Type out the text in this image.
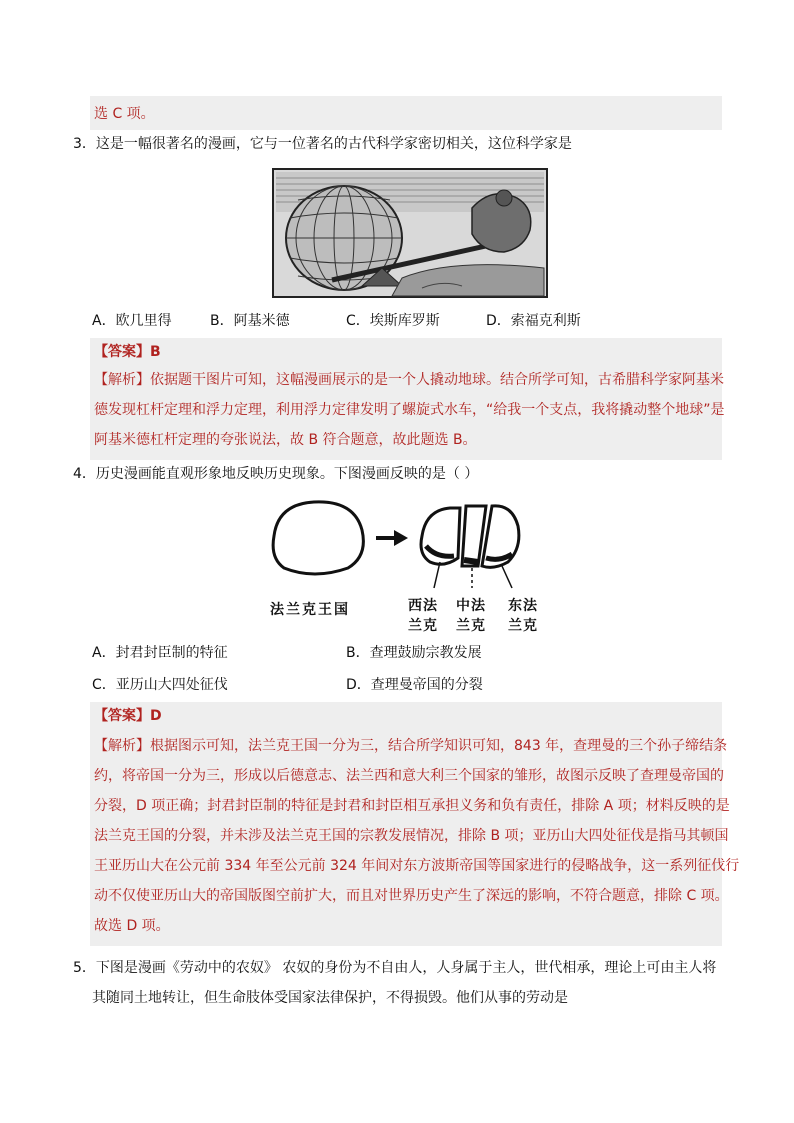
选 C 项。
3．这是一幅很著名的漫画，它与一位著名的古代科学家密切相关，这位科学家是
A．欧几里得	B．阿基米德	C．埃斯库罗斯	D．索福克利斯
【答案】B
【解析】依据题干图片可知，这幅漫画展示的是一个人撬动地球。结合所学可知，古希腊科学家阿基米
德发现杠杆定理和浮力定理，利用浮力定律发明了螺旋式水车，“给我一个支点，我将撬动整个地球”是
阿基米德杠杆定理的夸张说法，故 B 符合题意，故此题选 B。
4．历史漫画能直观形象地反映历史现象。下图漫画反映的是（ ）
法兰克王国	西法
兰克
中法
兰克
东法
兰克
A．封君封臣制的特征	B．查理鼓励宗教发展
C．亚历山大四处征伐	D．查理曼帝国的分裂
【答案】D
【解析】根据图示可知，法兰克王国一分为三，结合所学知识可知，843 年，查理曼的三个孙子缔结条
约，将帝国一分为三，形成以后德意志、法兰西和意大利三个国家的雏形，故图示反映了查理曼帝国的
分裂，D 项正确；封君封臣制的特征是封君和封臣相互承担义务和负有责任，排除 A 项；材料反映的是
法兰克王国的分裂，并未涉及法兰克王国的宗教发展情况，排除 B 项；亚历山大四处征伐是指马其顿国
王亚历山大在公元前 334 年至公元前 324 年间对东方波斯帝国等国家进行的侵略战争，这一系列征伐行
动不仅使亚历山大的帝国版图空前扩大，而且对世界历史产生了深远的影响，不符合题意，排除 C 项。
故选 D 项。
5．下图是漫画《劳动中的农奴》 农奴的身份为不自由人，人身属于主人，世代相承，理论上可由主人将
其随同土地转让，但生命肢体受国家法律保护，不得损毁。他们从事的劳动是
